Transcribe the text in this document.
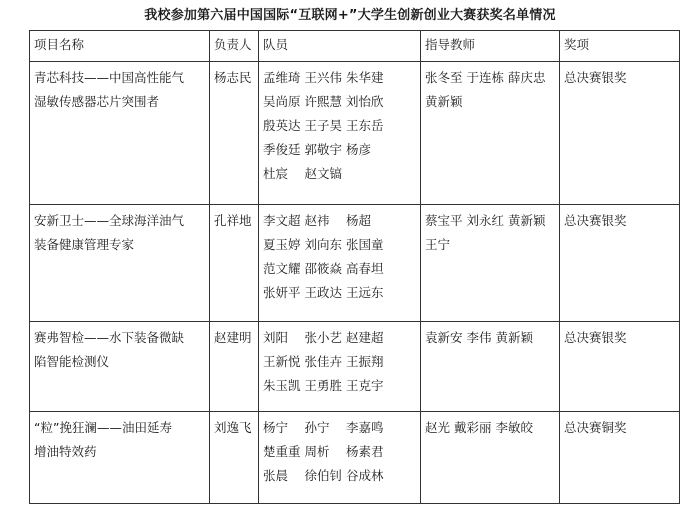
我校参加第六届中国国际“互联网+”大学生创新创业大赛获奖名单情况
项目名称	负责人	队员	指导教师	奖项

青芯科技——中国高性能气
湿敏传感器芯片突围者	杨志民	孟维琦 王兴伟 朱华建
吴尚原 许熙慧 刘怡欣
殷英达 王子昊 王东岳
季俊廷 郭敬宇 杨彦
杜宸　 赵文镐	张冬至 于连栋 薛庆忠
黄新颖	总决赛银奖

安新卫士——全球海洋油气
装备健康管理专家	孔祥地	李文超 赵祎　 杨超
夏玉婷 刘向东 张国童
范文耀 邵筱焱 高春坦
张妍平 王政达 王远东	蔡宝平 刘永红 黄新颖
王宁	总决赛银奖

赛弗智检——水下装备微缺
陷智能检测仪	赵建明	刘阳　 张小艺 赵建超
王新悦 张佳卉 王振翔
朱玉凯 王勇胜 王克宇	袁新安 李伟 黄新颖	总决赛银奖

“粒”挽狂澜——油田延寿
增油特效药	刘逸飞	杨宁　 孙宁　 李嘉鸣
楚重重 周析　 杨素君
张晨　 徐伯钊 谷成林	赵光 戴彩丽 李敏皎	总决赛铜奖
